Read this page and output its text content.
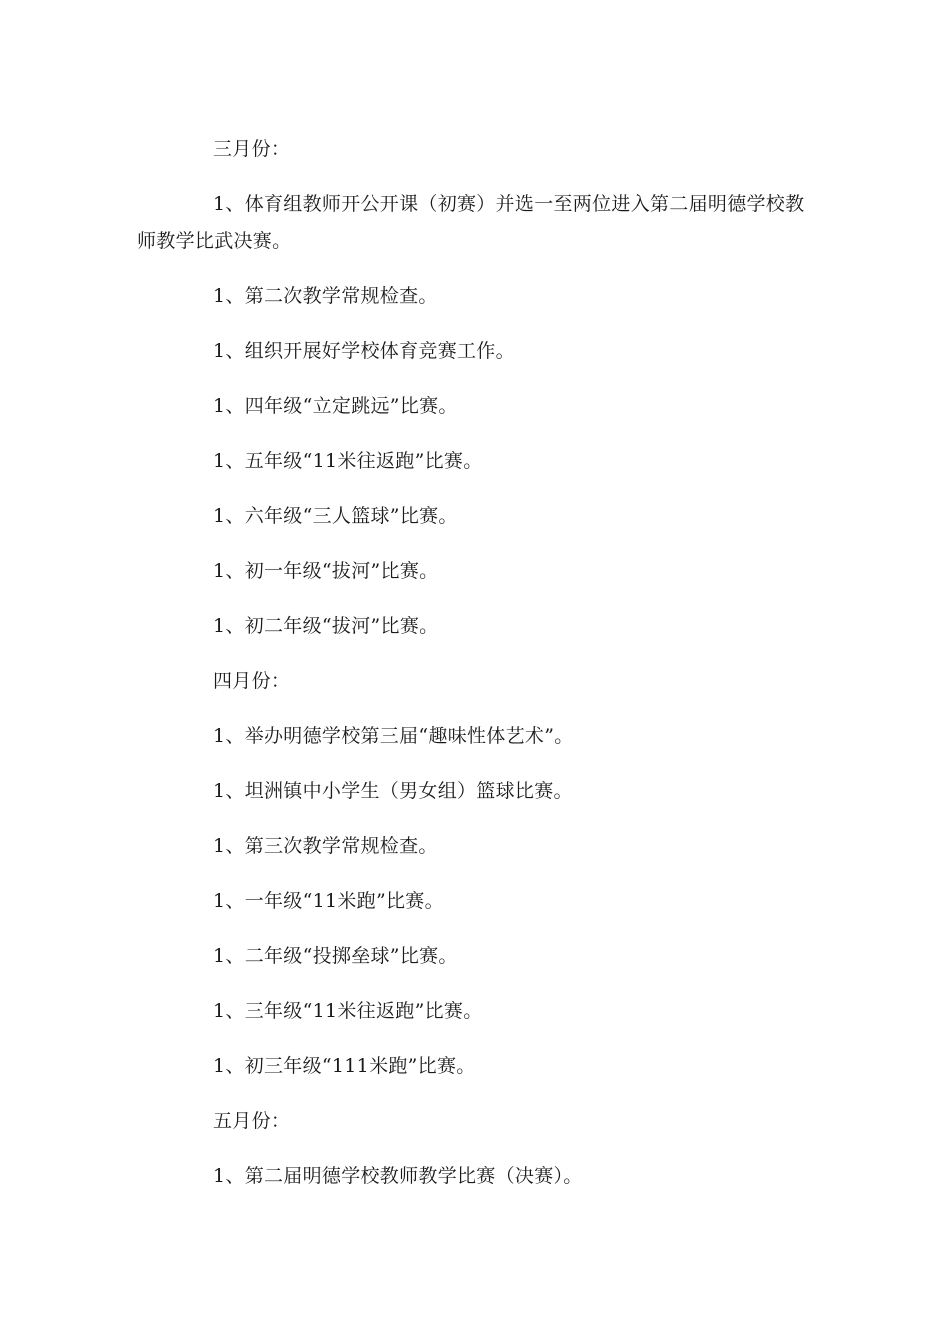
三月份：

1、体育组教师开公开课（初赛）并选一至两位进入第二届明德学校教师教学比武决赛。

1、第二次教学常规检查。

1、组织开展好学校体育竞赛工作。

1、四年级“立定跳远”比赛。

1、五年级“11米往返跑”比赛。

1、六年级“三人篮球”比赛。

1、初一年级“拔河”比赛。

1、初二年级“拔河”比赛。

四月份：

1、举办明德学校第三届“趣味性体艺术”。

1、坦洲镇中小学生（男女组）篮球比赛。

1、第三次教学常规检查。

1、一年级“11米跑”比赛。

1、二年级“投掷垒球”比赛。

1、三年级“11米往返跑”比赛。

1、初三年级“111米跑”比赛。

五月份：

1、第二届明德学校教师教学比赛（决赛）。
